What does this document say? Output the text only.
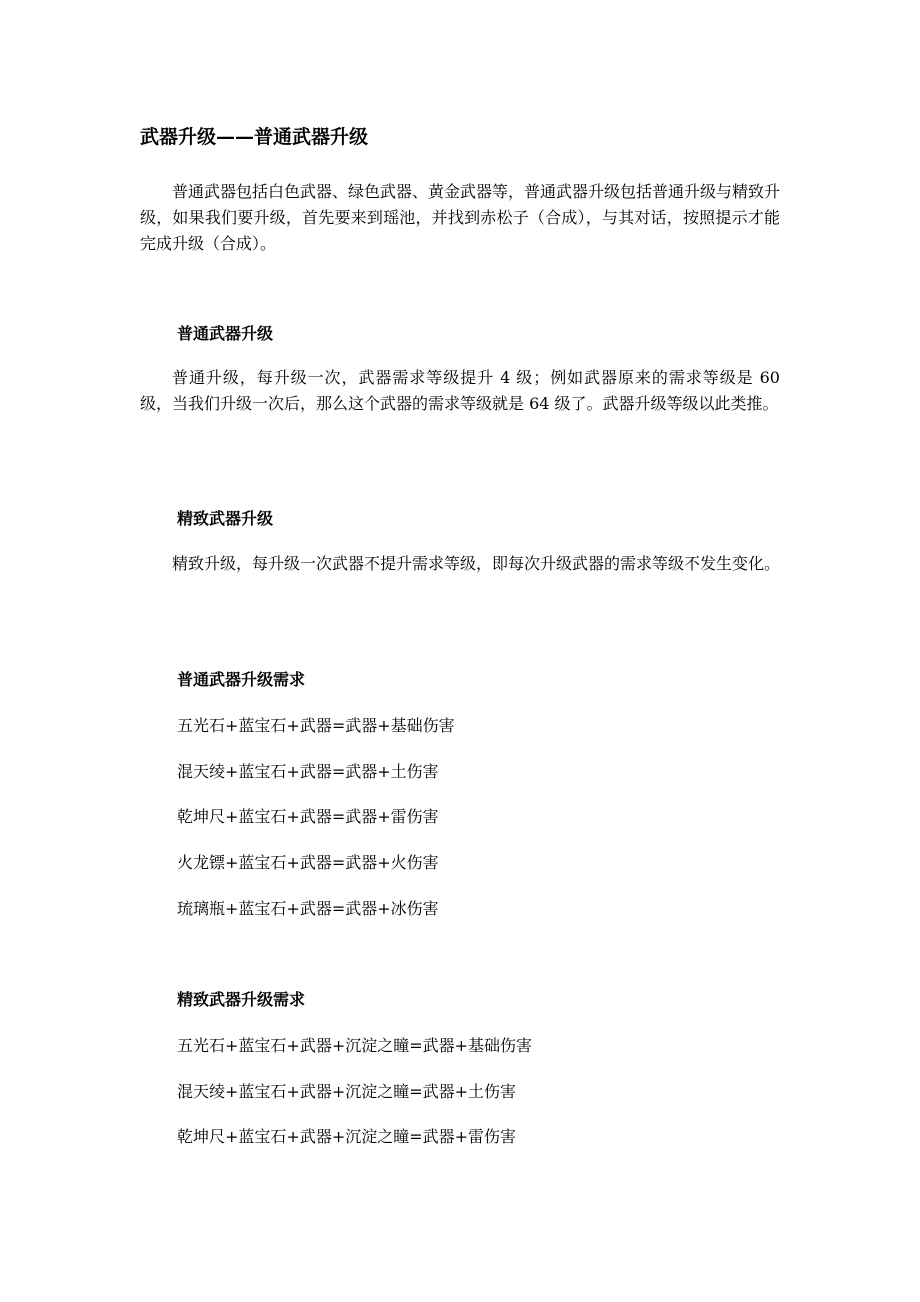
武器升级——普通武器升级

普通武器包括白色武器、绿色武器、黄金武器等，普通武器升级包括普通升级与精致升级，如果我们要升级，首先要来到瑶池，并找到赤松子（合成），与其对话，按照提示才能完成升级（合成）。

普通武器升级

普通升级，每升级一次，武器需求等级提升 4 级；例如武器原来的需求等级是 60 级，当我们升级一次后，那么这个武器的需求等级就是 64 级了。武器升级等级以此类推。

精致武器升级

精致升级，每升级一次武器不提升需求等级，即每次升级武器的需求等级不发生变化。

普通武器升级需求
五光石+蓝宝石+武器=武器+基础伤害
混天绫+蓝宝石+武器=武器+土伤害
乾坤尺+蓝宝石+武器=武器+雷伤害
火龙镖+蓝宝石+武器=武器+火伤害
琉璃瓶+蓝宝石+武器=武器+冰伤害
精致武器升级需求
五光石+蓝宝石+武器+沉淀之瞳=武器+基础伤害
混天绫+蓝宝石+武器+沉淀之瞳=武器+土伤害
乾坤尺+蓝宝石+武器+沉淀之瞳=武器+雷伤害
